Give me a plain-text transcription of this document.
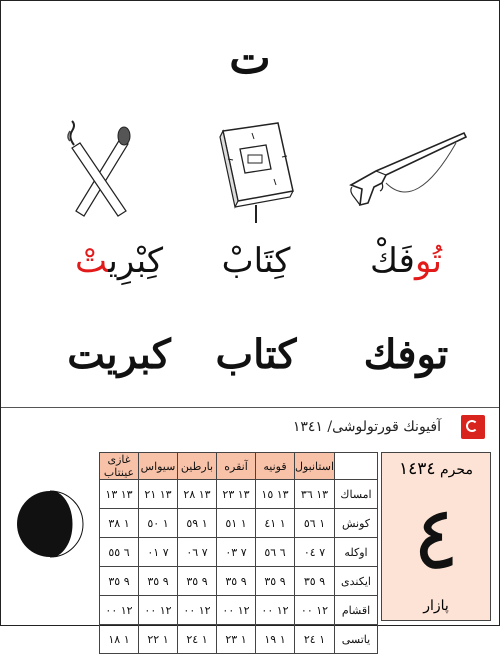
ت
كِبْرِيتْ	كِتَابْ	تُوفَكْ
كبريت	كتاب	توفك
آفيونك قورتولوشى/ ١٣٤١
	استانبول	قونيه	آنقره	بارطين	سيواس	غازى عينتاب
امساك	١٣ ٣٦	١٣ ١٥	١٣ ٢٣	١٣ ٢٨	١٣ ٢١	١٣ ١٣
كونش	١ ٥٦	١ ٤١	١ ٥١	١ ٥٩	١ ٥٠	١ ٣٨
اوكله	٧ ٠٤	٦ ٥٦	٧ ٠٣	٧ ٠٦	٧ ٠١	٦ ٥٥
ايكندى	٩ ٣٥	٩ ٣٥	٩ ٣٥	٩ ٣٥	٩ ٣٥	٩ ٣٥
اقشام	١٢ ٠٠	١٢ ٠٠	١٢ ٠٠	١٢ ٠٠	١٢ ٠٠	١٢ ٠٠
ياتسى	١ ٢٤	١ ١٩	١ ٢٣	١ ٢٤	١ ٢٢	١ ١٨
محرم ١٤٣٤
٤
پازار
